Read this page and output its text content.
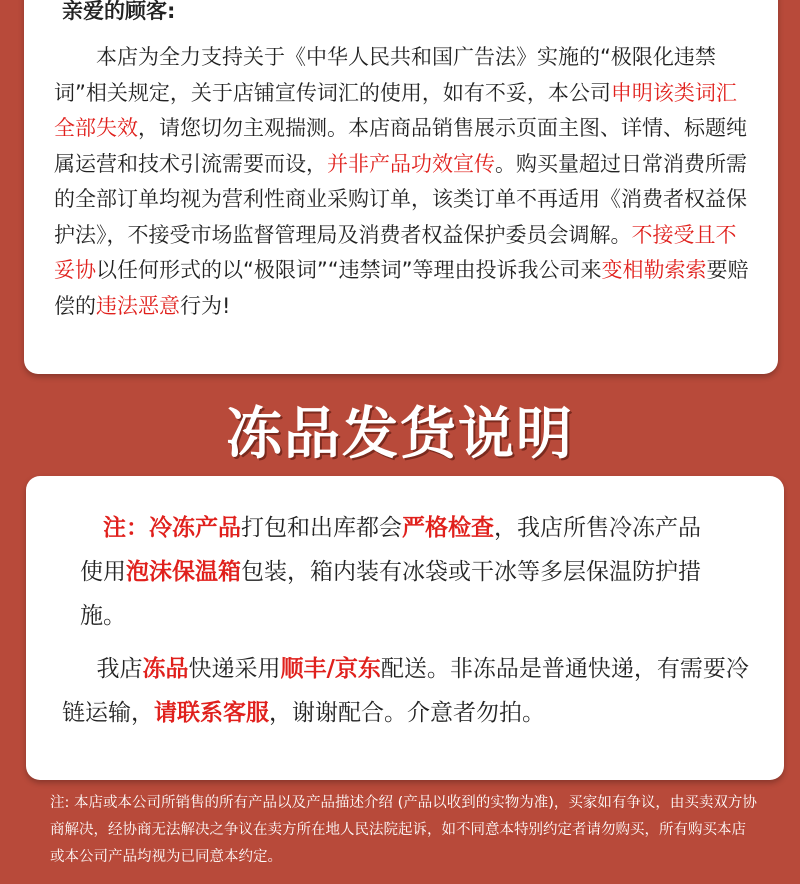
亲爱的顾客:

  本店为全力支持关于《中华人民共和国广告法》实施的“极限化违禁词”相关规定，关于店铺宣传词汇的使用，如有不妥，本公司申明该类词汇全部失效，请您切勿主观揣测。本店商品销售展示页面主图、详情、标题纯属运营和技术引流需要而设，并非产品功效宣传。购买量超过日常消费所需的全部订单均视为营利性商业采购订单，该类订单不再适用《消费者权益保护法》，不接受市场监督管理局及消费者权益保护委员会调解。不接受且不妥协以任何形式的以“极限词”“违禁词”等理由投诉我公司来变相勒索索要赔偿的违法恶意行为!

冻品发货说明

 注：冷冻产品打包和出库都会严格检查，我店所售冷冻产品使用泡沫保温箱包装，箱内装有冰袋或干冰等多层保温防护措施。

  我店冻品快递采用顺丰/京东配送。非冻品是普通快递，有需要冷链运输，请联系客服，谢谢配合。介意者勿拍。

注: 本店或本公司所销售的所有产品以及产品描述介绍 (产品以收到的实物为准)，买家如有争议，由买卖双方协商解决，经协商无法解决之争议在卖方所在地人民法院起诉，如不同意本特别约定者请勿购买，所有购买本店或本公司产品均视为已同意本约定。
